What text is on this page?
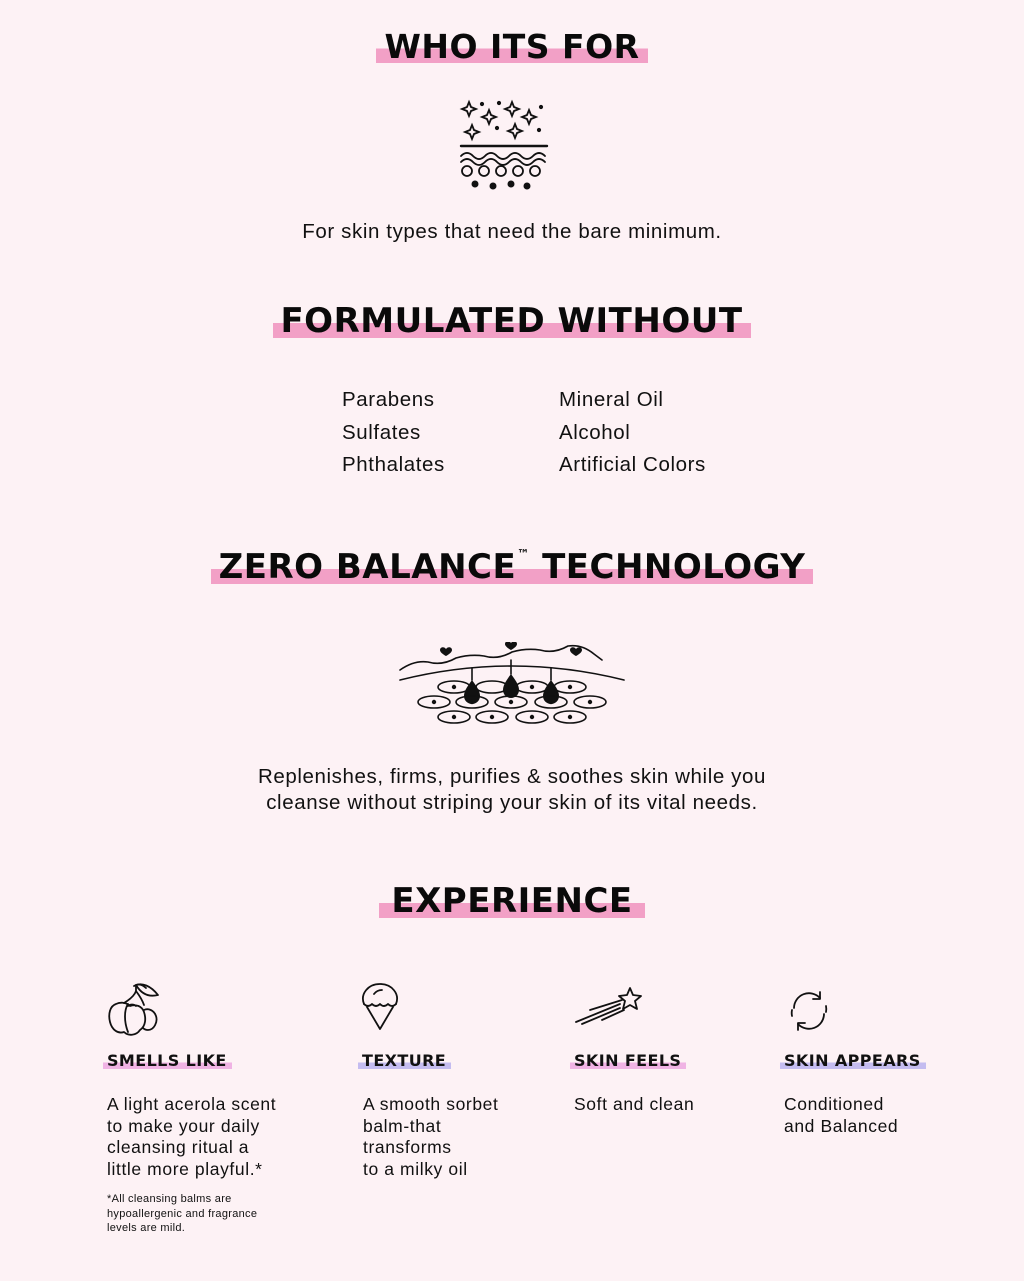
WHO ITS FOR
For skin types that need the bare minimum.
FORMULATED WITHOUT
Parabens
Sulfates
Phthalates
Mineral Oil
Alcohol
Artificial Colors
ZERO BALANCE™ TECHNOLOGY
Replenishes, firms, purifies & soothes skin while you
cleanse without striping your skin of its vital needs.
EXPERIENCE
SMELLS LIKE
A light acerola scent
to make your daily
cleansing ritual a
little more playful.*
*All cleansing balms are
hypoallergenic and fragrance
levels are mild.
TEXTURE
A smooth sorbet
balm-that
transforms
to a milky oil
SKIN FEELS
Soft and clean
SKIN APPEARS
Conditioned
and Balanced
